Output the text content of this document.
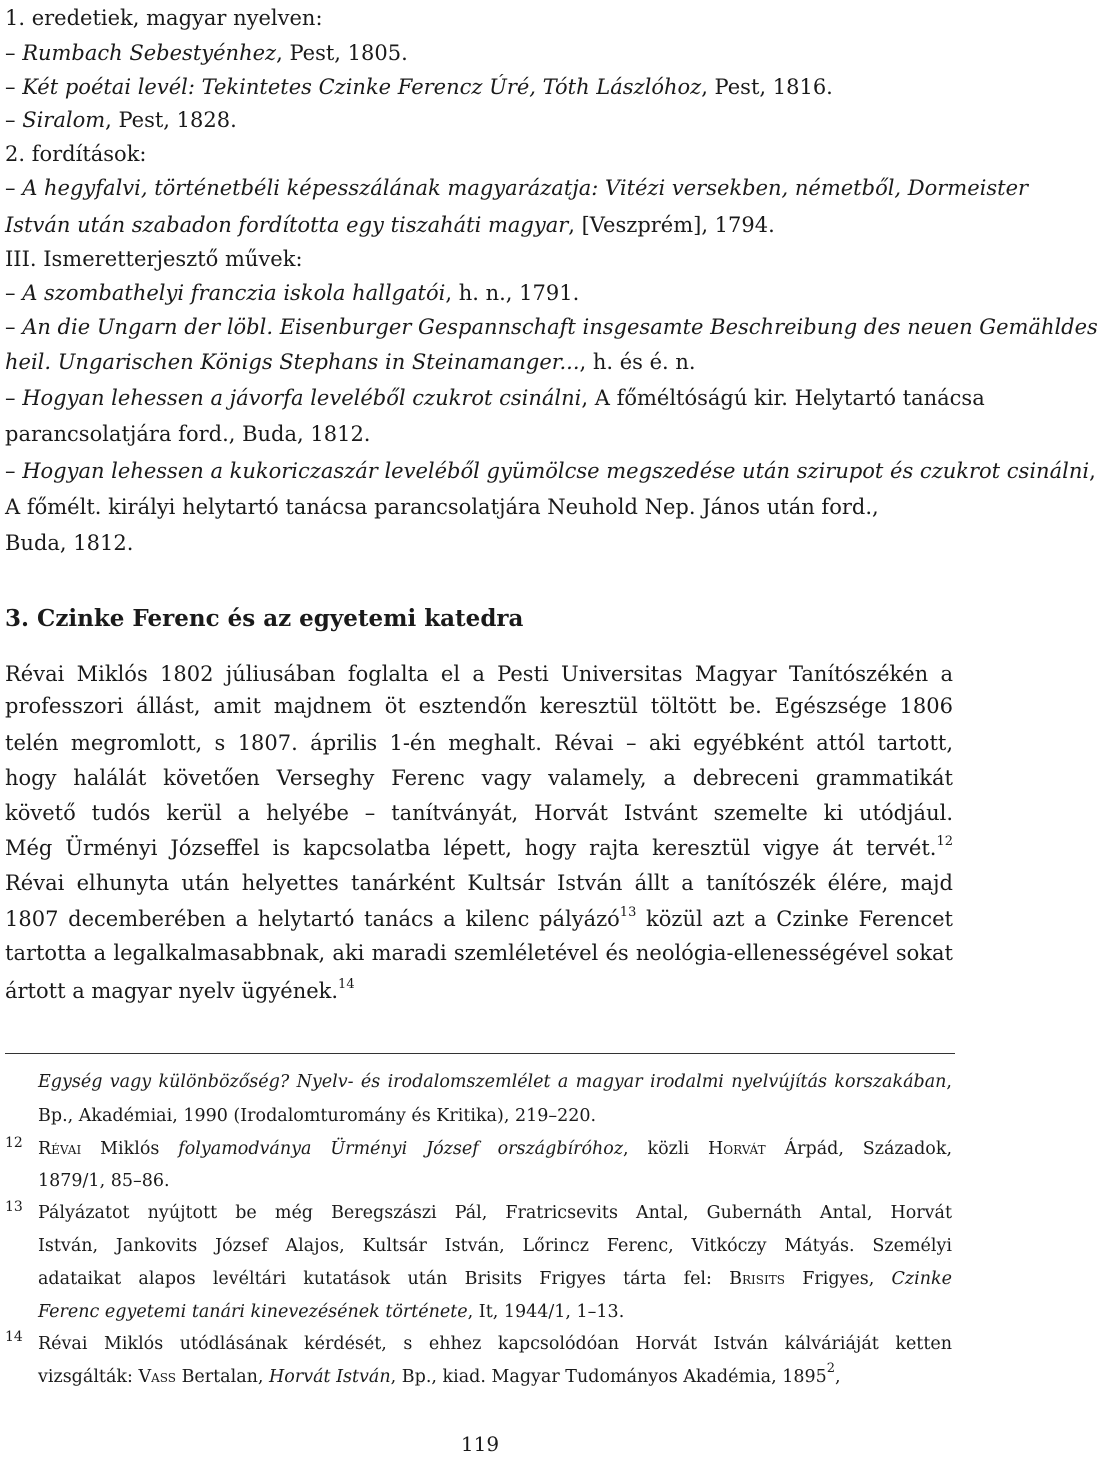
1. eredetiek, magyar nyelven:
– Rumbach Sebestyénhez, Pest, 1805.
– Két poétai levél: Tekintetes Czinke Ferencz Úré, Tóth Lászlóhoz, Pest, 1816.
– Siralom, Pest, 1828.
2. fordítások:
– A hegyfalvi, történetbéli képesszálának magyarázatja: Vitézi versekben, németből, Dormeister
István után szabadon fordította egy tiszaháti magyar, [Veszprém], 1794.
III. Ismeretterjesztő művek:
– A szombathelyi franczia iskola hallgatói, h. n., 1791.
– An die Ungarn der löbl. Eisenburger Gespannschaft insgesamte Beschreibung des neuen Gemähldes
heil. Ungarischen Königs Stephans in Steinamanger..., h. és é. n.
– Hogyan lehessen a jávorfa leveléből czukrot csinálni, A főméltóságú kir. Helytartó tanácsa
parancsolatjára ford., Buda, 1812.
– Hogyan lehessen a kukoriczaszár leveléből gyümölcse megszedése után szirupot és czukrot csinálni,
A főmélt. királyi helytartó tanácsa parancsolatjára Neuhold Nep. János után ford.,
Buda, 1812.
3. Czinke Ferenc és az egyetemi katedra
Révai Miklós 1802 júliusában foglalta el a Pesti Universitas Magyar Tanítószékén a
professzori állást, amit majdnem öt esztendőn keresztül töltött be. Egészsége 1806
telén megromlott, s 1807. április 1-én meghalt. Révai – aki egyébként attól tartott,
hogy halálát követően Verseghy Ferenc vagy valamely, a debreceni grammatikát
követő tudós kerül a helyébe – tanítványát, Horvát Istvánt szemelte ki utódjául.
Még Ürményi Józseffel is kapcsolatba lépett, hogy rajta keresztül vigye át tervét.$^{12}$
Révai elhunyta után helyettes tanárként Kultsár István állt a tanítószék élére, majd
1807 decemberében a helytartó tanács a kilenc pályázó$^{13}$ közül azt a Czinke Ferencet
tartotta a legalkalmasabbnak, aki maradi szemléletével és neológia-ellenességével sokat
ártott a magyar nyelv ügyének.$^{14}$
Egység vagy különbözőség? Nyelv- és irodalomszemlélet a magyar irodalmi nyelvújítás korszakában,
Bp., Akadémiai, 1990 (Irodalomturomány és Kritika), 219–220.
12 Révai Miklós folyamodványa Ürményi József országbíróhoz, közli Horvát Árpád, Századok,
1879/1, 85–86.
13 Pályázatot nyújtott be még Beregszászi Pál, Fratricsevits Antal, Gubernáth Antal, Horvát
István, Jankovits József Alajos, Kultsár István, Lőrincz Ferenc, Vitkóczy Mátyás. Személyi
adataikat alapos levéltári kutatások után Brisits Frigyes tárta fel: Brisits Frigyes, Czinke
Ferenc egyetemi tanári kinevezésének története, It, 1944/1, 1–13.
14 Révai Miklós utódlásának kérdését, s ehhez kapcsolódóan Horvát István kálváriáját ketten
vizsgálták: Vass Bertalan, Horvát István, Bp., kiad. Magyar Tudományos Akadémia, 1895$^2$,
119
